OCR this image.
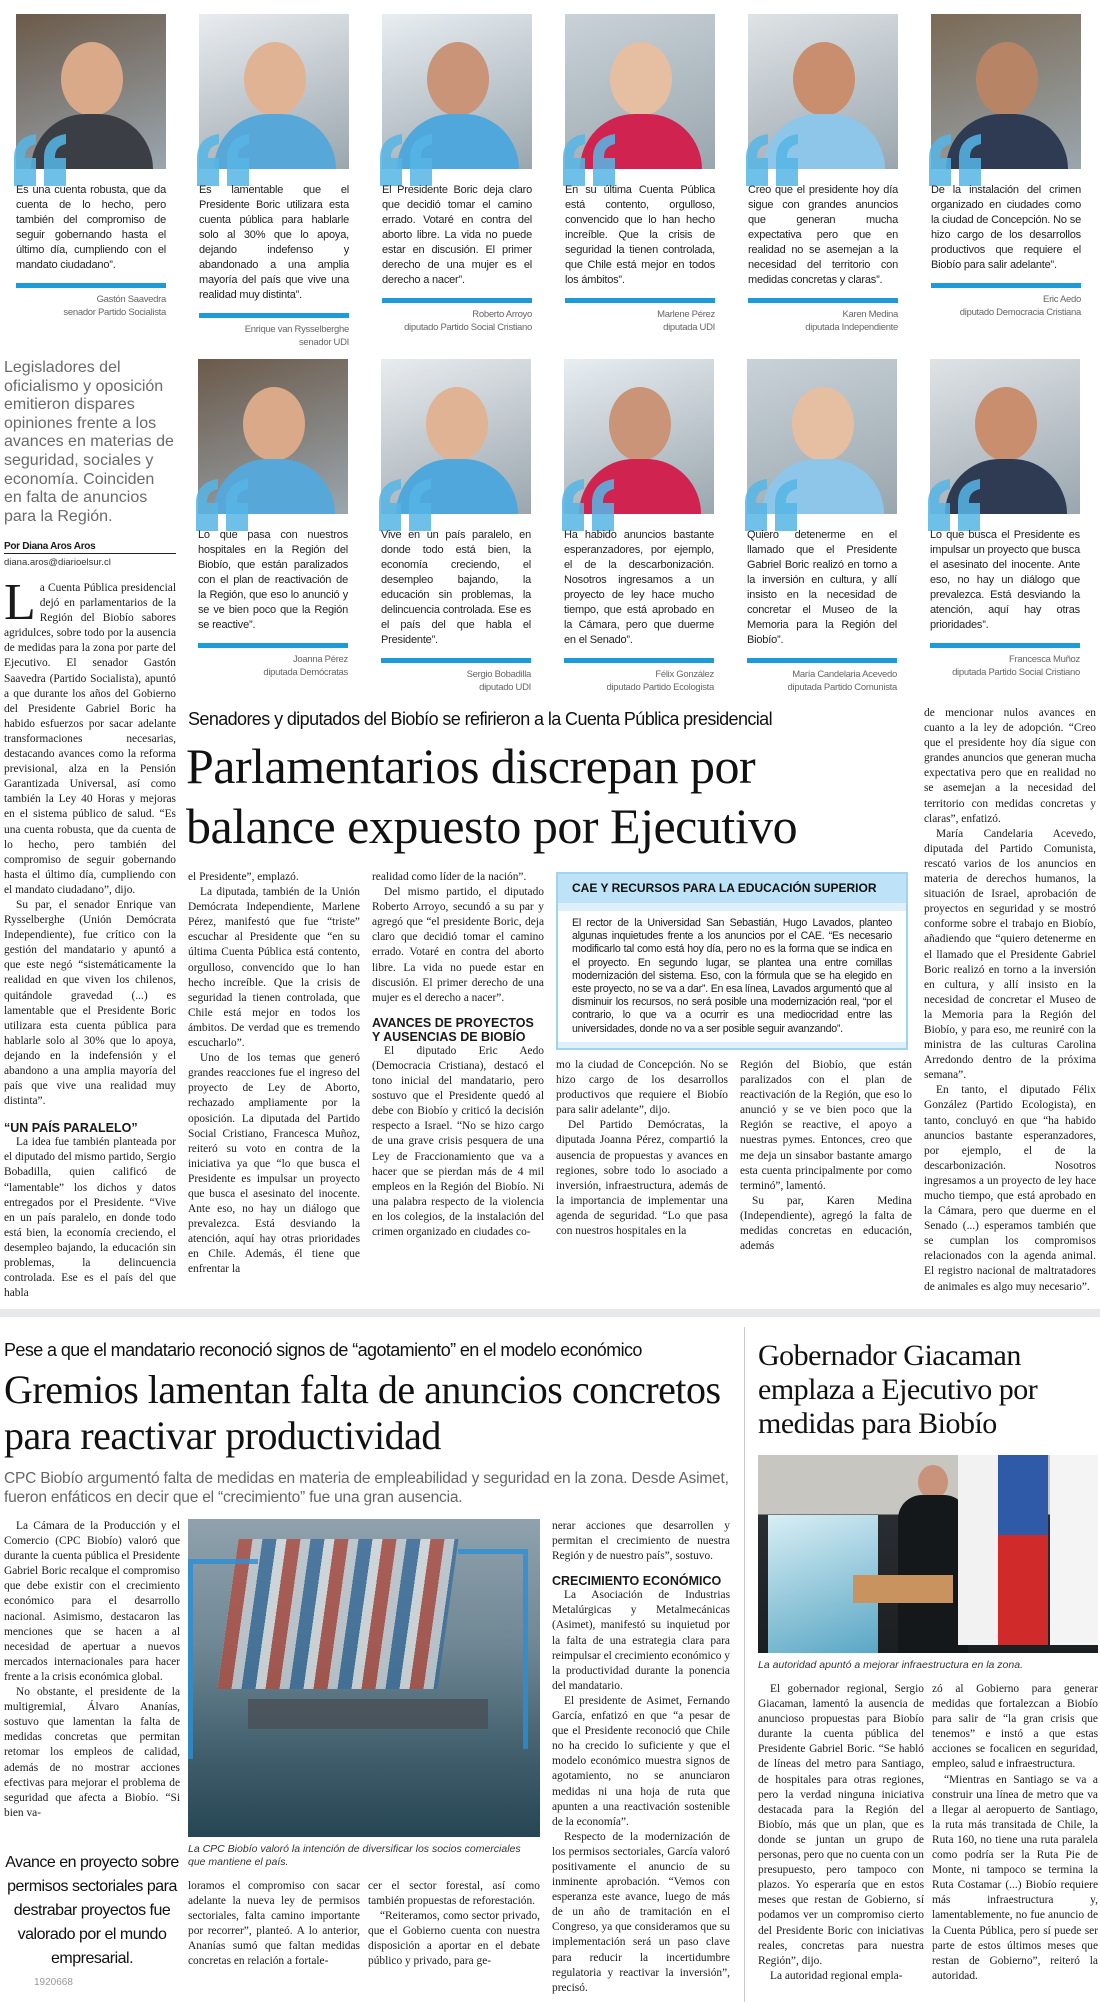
Es una cuenta robusta, que da cuenta de lo hecho, pero también del compromiso de seguir gobernando hasta el último día, cumpliendo con el mandato ciudadano”.
Gastón Saavedra
senador Partido Socialista
Es lamentable que el Presidente Boric utilizara esta cuenta pública para hablarle solo al 30% que lo apoya, dejando indefenso y abandonado a una amplia mayoría del país que vive una realidad muy distinta”.
Enrique van Rysselberghe
senador UDI
El Presidente Boric deja claro que decidió tomar el camino errado. Votaré en contra del aborto libre. La vida no puede estar en discusión. El primer derecho de una mujer es el derecho a nacer”.
Roberto Arroyo
diputado Partido Social Cristiano
En su última Cuenta Pública está contento, orgulloso, convencido que lo han hecho increíble. Que la crisis de seguridad la tienen controlada, que Chile está mejor en todos los ámbitos”.
Marlene Pérez
diputada UDI
Creo que el presidente hoy día sigue con grandes anuncios que generan mucha expectativa pero que en realidad no se asemejan a la necesidad del territorio con medidas concretas y claras”.
Karen Medina
diputada Independiente
De la instalación del crimen organizado en ciudades como la ciudad de Concepción. No se hizo cargo de los desarrollos productivos que requiere el Biobío para salir adelante”.
Eric Aedo
diputado Democracia Cristiana
Lo que pasa con nuestros hospitales en la Región del Biobío, que están paralizados con el plan de reactivación de la Región, que eso lo anunció y se ve bien poco que la Región se reactive”.
Joanna Pérez
diputada Demócratas
Vive en un país paralelo, en donde todo está bien, la economía creciendo, el desempleo bajando, la educación sin problemas, la delincuencia controlada. Ese es el país del que habla el Presidente”.
Sergio Bobadilla
diputado UDI
Ha habido anuncios bastante esperanzadores, por ejemplo, el de la descarbonización. Nosotros ingresamos a un proyecto de ley hace mucho tiempo, que está aprobado en la Cámara, pero que duerme en el Senado”.
Félix González
diputado Partido Ecologista
Quiero detenerme en el llamado que el Presidente Gabriel Boric realizó en torno a la inversión en cultura, y allí insisto en la necesidad de concretar el Museo de la Memoria para la Región del Biobío”.
María Candelaria Acevedo
diputada Partido Comunista
Lo que busca el Presidente es impulsar un proyecto que busca el asesinato del inocente. Ante eso, no hay un diálogo que prevalezca. Está desviando la atención, aquí hay otras prioridades”.
Francesca Muñoz
diputada Partido Social Cristiano
Legisladores del oficialismo y oposición emitieron dispares opiniones frente a los avances en materias de seguridad, sociales y economía. Coinciden en falta de anuncios para la Región.
Por Diana Aros Aros
diana.aros@diarioelsur.cl

La Cuenta Pública presidencial dejó en parlamentarios de la Región del Biobío sabores agridulces, sobre todo por la ausencia de medidas para la zona por parte del Ejecutivo. El senador Gastón Saavedra (Partido Socialista), apuntó a que durante los años del Gobierno del Presidente Gabriel Boric ha habido esfuerzos por sacar adelante transformaciones necesarias, destacando avances como la reforma previsional, alza en la Pensión Garantizada Universal, así como también la Ley 40 Horas y mejoras en el sistema público de salud. “Es una cuenta robusta, que da cuenta de lo hecho, pero también del compromiso de seguir gobernando hasta el último día, cumpliendo con el mandato ciudadano”, dijo.

Su par, el senador Enrique van Rysselberghe (Unión Demócrata Independiente), fue crítico con la gestión del mandatario y apuntó a que este negó “sistemáticamente la realidad en que viven los chilenos, quitándole gravedad (...) es lamentable que el Presidente Boric utilizara esta cuenta pública para hablarle solo al 30% que lo apoya, dejando en la indefensión y el abandono a una amplia mayoría del país que vive una realidad muy distinta”.

“UN PAÍS PARALELO”

La idea fue también planteada por el diputado del mismo partido, Sergio Bobadilla, quien calificó de “lamentable” los dichos y datos entregados por el Presidente. “Vive en un país paralelo, en donde todo está bien, la economía creciendo, el desempleo bajando, la educación sin problemas, la delincuencia controlada. Ese es el país del que habla

Senadores y diputados del Biobío se refirieron a la Cuenta Pública presidencial
Parlamentarios discrepan por balance expuesto por Ejecutivo

el Presidente”, emplazó.

La diputada, también de la Unión Demócrata Independiente, Marlene Pérez, manifestó que fue “triste” escuchar al Presidente que “en su última Cuenta Pública está contento, orgulloso, convencido que lo han hecho increíble. Que la crisis de seguridad la tienen controlada, que Chile está mejor en todos los ámbitos. De verdad que es tremendo escucharlo”.

Uno de los temas que generó grandes reacciones fue el ingreso del proyecto de Ley de Aborto, rechazado ampliamente por la oposición. La diputada del Partido Social Cristiano, Francesca Muñoz, reiteró su voto en contra de la iniciativa ya que “lo que busca el Presidente es impulsar un proyecto que busca el asesinato del inocente. Ante eso, no hay un diálogo que prevalezca. Está desviando la atención, aquí hay otras prioridades en Chile. Además, él tiene que enfrentar la

realidad como líder de la nación”.

Del mismo partido, el diputado Roberto Arroyo, secundó a su par y agregó que “el presidente Boric, deja claro que decidió tomar el camino errado. Votaré en contra del aborto libre. La vida no puede estar en discusión. El primer derecho de una mujer es el derecho a nacer”.

AVANCES DE PROYECTOS Y AUSENCIAS DE BIOBÍO

El diputado Eric Aedo (Democracia Cristiana), destacó el tono inicial del mandatario, pero sostuvo que el Presidente quedó al debe con Biobío y criticó la decisión respecto a Israel. “No se hizo cargo de una grave crisis pesquera de una Ley de Fraccionamiento que va a hacer que se pierdan más de 4 mil empleos en la Región del Biobío. Ni una palabra respecto de la violencia en los colegios, de la instalación del crimen organizado en ciudades co-

CAE Y RECURSOS PARA LA EDUCACIÓN SUPERIOR
El rector de la Universidad San Sebastián, Hugo Lavados, planteo algunas inquietudes frente a los anuncios por el CAE. “Es necesario modificarlo tal como está hoy día, pero no es la forma que se indica en el proyecto. En segundo lugar, se plantea una entre comillas modernización del sistema. Eso, con la fórmula que se ha elegido en este proyecto, no se va a dar”. En esa línea, Lavados argumentó que al disminuir los recursos, no será posible una modernización real, “por el contrario, lo que va a ocurrir es una mediocridad entre las universidades, donde no va a ser posible seguir avanzando”.

mo la ciudad de Concepción. No se hizo cargo de los desarrollos productivos que requiere el Biobío para salir adelante”, dijo.

Del Partido Demócratas, la diputada Joanna Pérez, compartió la ausencia de propuestas y avances en regiones, sobre todo lo asociado a inversión, infraestructura, además de la importancia de implementar una agenda de seguridad. “Lo que pasa con nuestros hospitales en la

Región del Biobío, que están paralizados con el plan de reactivación de la Región, que eso lo anunció y se ve bien poco que la Región se reactive, el apoyo a nuestras pymes. Entonces, creo que me deja un sinsabor bastante amargo esta cuenta principalmente por como terminó”, lamentó.

Su par, Karen Medina (Independiente), agregó la falta de medidas concretas en educación, además

de mencionar nulos avances en cuanto a la ley de adopción. “Creo que el presidente hoy día sigue con grandes anuncios que generan mucha expectativa pero que en realidad no se asemejan a la necesidad del territorio con medidas concretas y claras”, enfatizó.

María Candelaria Acevedo, diputada del Partido Comunista, rescató varios de los anuncios en materia de derechos humanos, la situación de Israel, aprobación de proyectos en seguridad y se mostró conforme sobre el trabajo en Biobío, añadiendo que “quiero detenerme en el llamado que el Presidente Gabriel Boric realizó en torno a la inversión en cultura, y allí insisto en la necesidad de concretar el Museo de la Memoria para la Región del Biobío, y para eso, me reuniré con la ministra de las culturas Carolina Arredondo dentro de la próxima semana”.

En tanto, el diputado Félix González (Partido Ecologista), en tanto, concluyó en que “ha habido anuncios bastante esperanzadores, por ejemplo, el de la descarbonización. Nosotros ingresamos a un proyecto de ley hace mucho tiempo, que está aprobado en la Cámara, pero que duerme en el Senado (...) esperamos también que se cumplan los compromisos relacionados con la agenda animal. El registro nacional de maltratadores de animales es algo muy necesario”.

Pese a que el mandatario reconoció signos de “agotamiento” en el modelo económico
Gremios lamentan falta de anuncios concretos para reactivar productividad
CPC Biobío argumentó falta de medidas en materia de empleabilidad y seguridad en la zona. Desde Asimet, fueron enfáticos en decir que el “crecimiento” fue una gran ausencia.

La Cámara de la Producción y el Comercio (CPC Biobío) valoró que durante la cuenta pública el Presidente Gabriel Boric recalque el compromiso que debe existir con el crecimiento económico para el desarrollo nacional. Asimismo, destacaron las menciones que se hacen a al necesidad de apertuar a nuevos mercados internacionales para hacer frente a la crisis económica global.

No obstante, el presidente de la multigremial, Álvaro Ananías, sostuvo que lamentan la falta de medidas concretas que permitan retomar los empleos de calidad, además de no mostrar acciones efectivas para mejorar el problema de seguridad que afecta a Biobío. “Si bien va-

Avance en proyecto sobre permisos sectoriales para destrabar proyectos fue valorado por el mundo empresarial.
1920668
La CPC Biobío valoró la intención de diversificar los socios comerciales que mantiene el país.

loramos el compromiso con sacar adelante la nueva ley de permisos sectoriales, falta camino importante por recorrer”, planteó. A lo anterior, Ananías sumó que faltan medidas concretas en relación a fortale-

cer el sector forestal, así como también propuestas de reforestación.

“Reiteramos, como sector privado, que el Gobierno cuenta con nuestra disposición a aportar en el debate público y privado, para ge-

nerar acciones que desarrollen y permitan el crecimiento de nuestra Región y de nuestro país”, sostuvo.

CRECIMIENTO ECONÓMICO

La Asociación de Industrias Metalúrgicas y Metalmecánicas (Asimet), manifestó su inquietud por la falta de una estrategia clara para reimpulsar el crecimiento económico y la productividad durante la ponencia del mandatario.

El presidente de Asimet, Fernando García, enfatizó en que “a pesar de que el Presidente reconoció que Chile no ha crecido lo suficiente y que el modelo económico muestra signos de agotamiento, no se anunciaron medidas ni una hoja de ruta que apunten a una reactivación sostenible de la economía”.

Respecto de la modernización de los permisos sectoriales, García valoró positivamente el anuncio de su inminente aprobación. “Vemos con esperanza este avance, luego de más de un año de tramitación en el Congreso, ya que consideramos que su implementación será un paso clave para reducir la incertidumbre regulatoria y reactivar la inversión”, precisó.

Gobernador Giacaman emplaza a Ejecutivo por medidas para Biobío
La autoridad apuntó a mejorar infraestructura en la zona.

El gobernador regional, Sergio Giacaman, lamentó la ausencia de anuncioso propuestas para Biobío durante la cuenta pública del Presidente Gabriel Boric. “Se habló de líneas del metro para Santiago, de hospitales para otras regiones, pero la verdad ninguna iniciativa destacada para la Región del Biobío, más que un plan, que es donde se juntan un grupo de personas, pero que no cuenta con un presupuesto, pero tampoco con plazos. Yo esperaría que en estos meses que restan de Gobierno, sí podamos ver un compromiso cierto del Presidente Boric con iniciativas reales, concretas para nuestra Región”, dijo.

La autoridad regional empla-

zó al Gobierno para generar medidas que fortalezcan a Biobío para salir de “la gran crisis que tenemos” e instó a que estas acciones se focalicen en seguridad, empleo, salud e infraestructura.

“Mientras en Santiago se va a construir una línea de metro que va a llegar al aeropuerto de Santiago, la ruta más transitada de Chile, la Ruta 160, no tiene una ruta paralela como podría ser la Ruta Pie de Monte, ni tampoco se termina la Ruta Costamar (...) Biobío requiere más infraestructura y, lamentablemente, no fue anuncio de la Cuenta Pública, pero sí puede ser parte de estos últimos meses que restan de Gobierno”, reiteró la autoridad.
